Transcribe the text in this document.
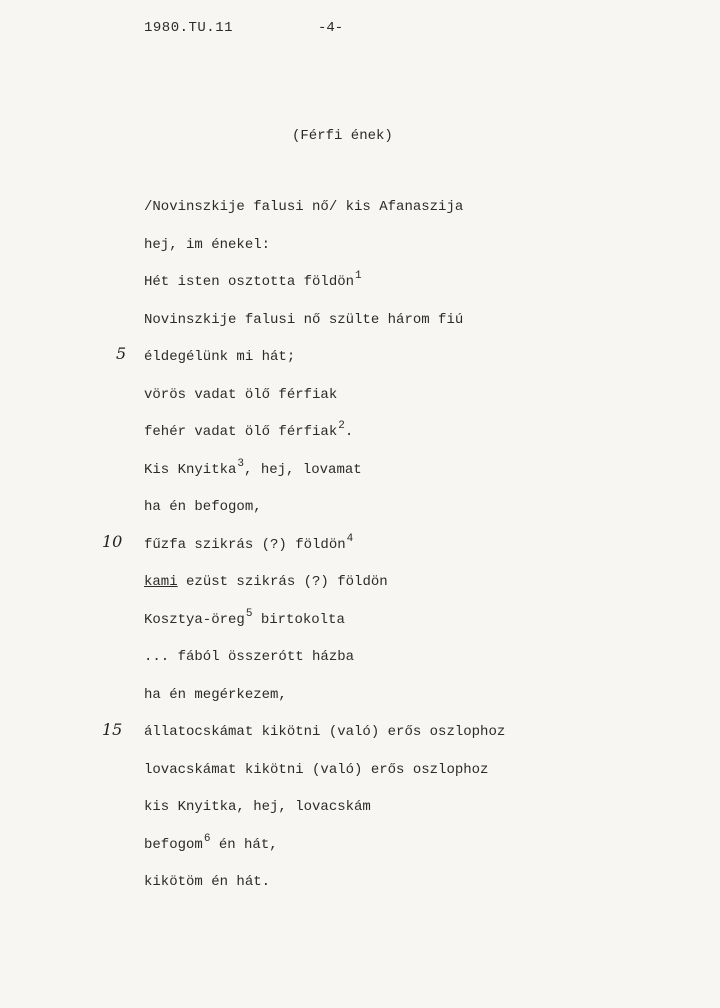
1980.TU.11	-4-
(Férfi ének)
/Novinszkije falusi nő/ kis Afanaszija
hej, im énekel:
Hét isten osztotta földön$^1$
Novinszkije falusi nő szülte három fiú
éldegélünk mi hát;
vörös vadat ölő férfiak
fehér vadat ölő férfiak$^2$.
Kis Knyitka$^3$, hej, lovamat
ha én befogom,
fűzfa szikrás (?) földön$^4$
kami ezüst szikrás (?) földön
Kosztya-öreg$^5$ birtokolta
... fából összerótt házba
ha én megérkezem,
állatocskámat kikötni (való) erős oszlophoz
lovacskámat kikötni (való) erős oszlophoz
kis Knyitka, hej, lovacskám
befogom$^6$ én hát,
kikötöm én hát.
5
10
15
